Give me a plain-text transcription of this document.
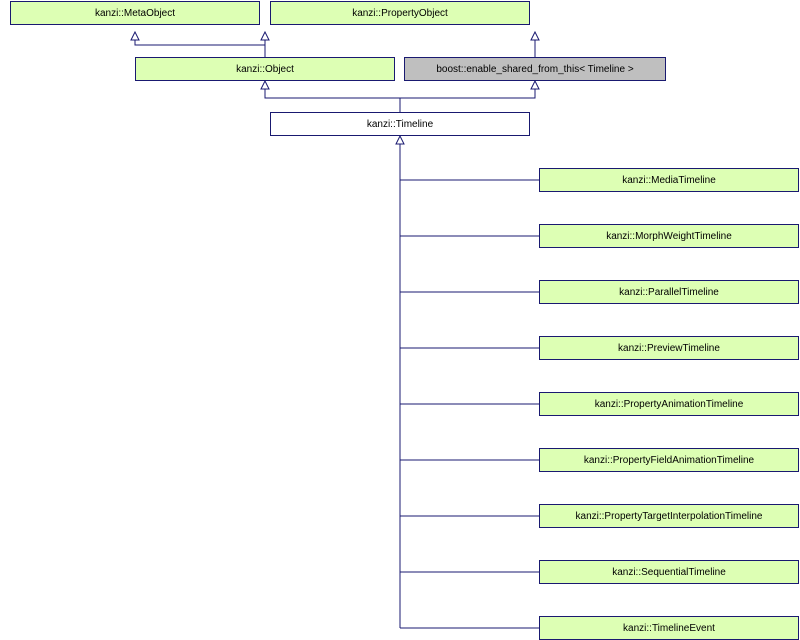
kanzi::MetaObject	kanzi::PropertyObject
kanzi::Object	boost::enable_shared_from_this< Timeline >
kanzi::Timeline
kanzi::MediaTimeline
kanzi::MorphWeightTimeline
kanzi::ParallelTimeline
kanzi::PreviewTimeline
kanzi::PropertyAnimationTimeline
kanzi::PropertyFieldAnimationTimeline
kanzi::PropertyTargetInterpolationTimeline
kanzi::SequentialTimeline
kanzi::TimelineEvent
